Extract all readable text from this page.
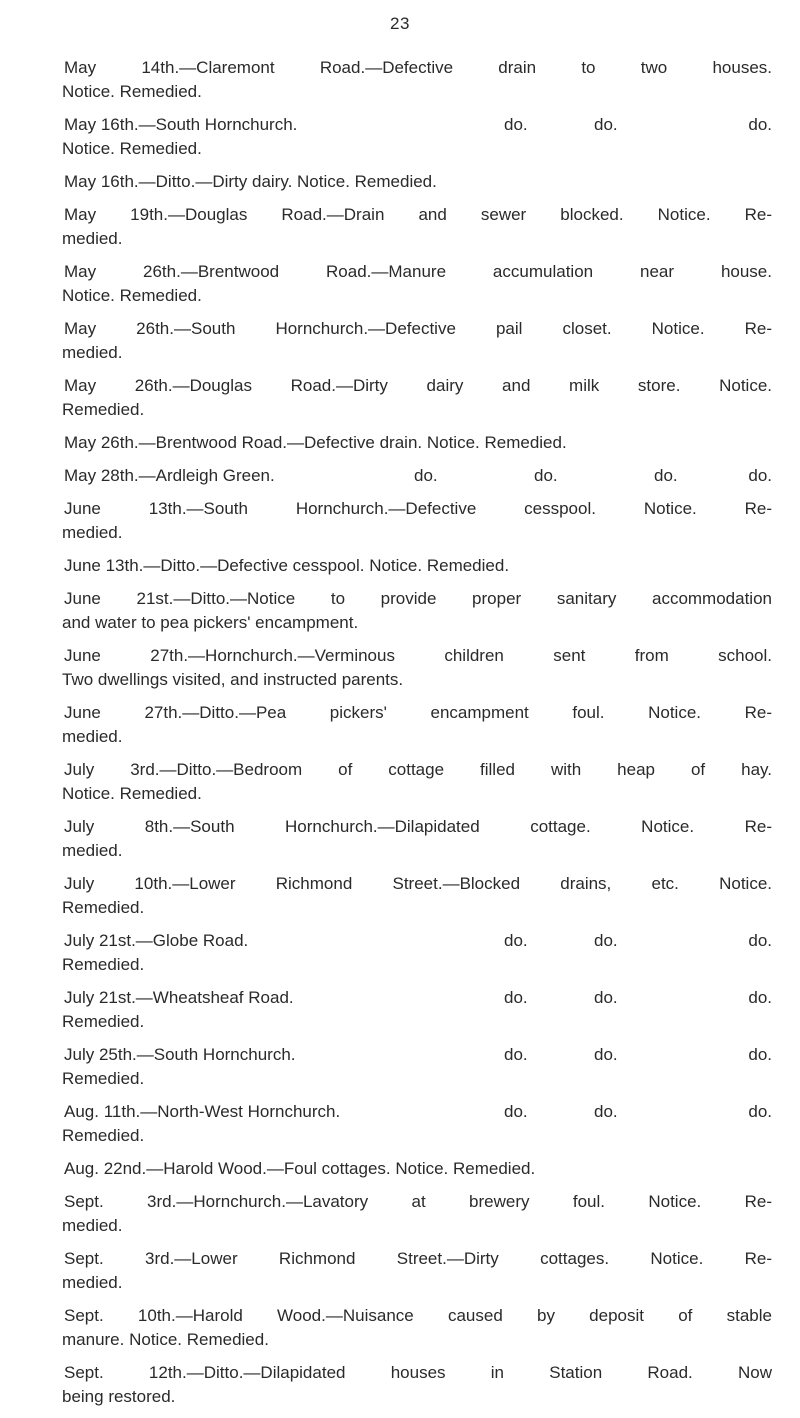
23
May 14th.—Claremont Road.—Defective drain to two houses.
Notice. Remedied.
May 16th.—South Hornchurch.	do.	do.	do.
Notice. Remedied.
May 16th.—Ditto.—Dirty dairy. Notice. Remedied.
May 19th.—Douglas Road.—Drain and sewer blocked. Notice. Re-
medied.
May 26th.—Brentwood Road.—Manure accumulation near house.
Notice. Remedied.
May 26th.—South Hornchurch.—Defective pail closet. Notice. Re-
medied.
May 26th.—Douglas Road.—Dirty dairy and milk store. Notice.
Remedied.
May 26th.—Brentwood Road.—Defective drain. Notice. Remedied.
May 28th.—Ardleigh Green.	do.	do.	do.	do.
June 13th.—South Hornchurch.—Defective cesspool. Notice. Re-
medied.
June 13th.—Ditto.—Defective cesspool. Notice. Remedied.
June 21st.—Ditto.—Notice to provide proper sanitary accommodation
and water to pea pickers' encampment.
June 27th.—Hornchurch.—Verminous children sent from school.
Two dwellings visited, and instructed parents.
June 27th.—Ditto.—Pea pickers' encampment foul. Notice. Re-
medied.
July 3rd.—Ditto.—Bedroom of cottage filled with heap of hay.
Notice. Remedied.
July 8th.—South Hornchurch.—Dilapidated cottage. Notice. Re-
medied.
July 10th.—Lower Richmond Street.—Blocked drains, etc. Notice.
Remedied.
July 21st.—Globe Road.	do.	do.	do.
Remedied.
July 21st.—Wheatsheaf Road.	do.	do.	do.
Remedied.
July 25th.—South Hornchurch.	do.	do.	do.
Remedied.
Aug. 11th.—North-West Hornchurch.	do.	do.	do.
Remedied.
Aug. 22nd.—Harold Wood.—Foul cottages. Notice. Remedied.
Sept. 3rd.—Hornchurch.—Lavatory at brewery foul. Notice. Re-
medied.
Sept. 3rd.—Lower Richmond Street.—Dirty cottages. Notice. Re-
medied.
Sept. 10th.—Harold Wood.—Nuisance caused by deposit of stable
manure. Notice. Remedied.
Sept. 12th.—Ditto.—Dilapidated houses in Station Road. Now
being restored.
